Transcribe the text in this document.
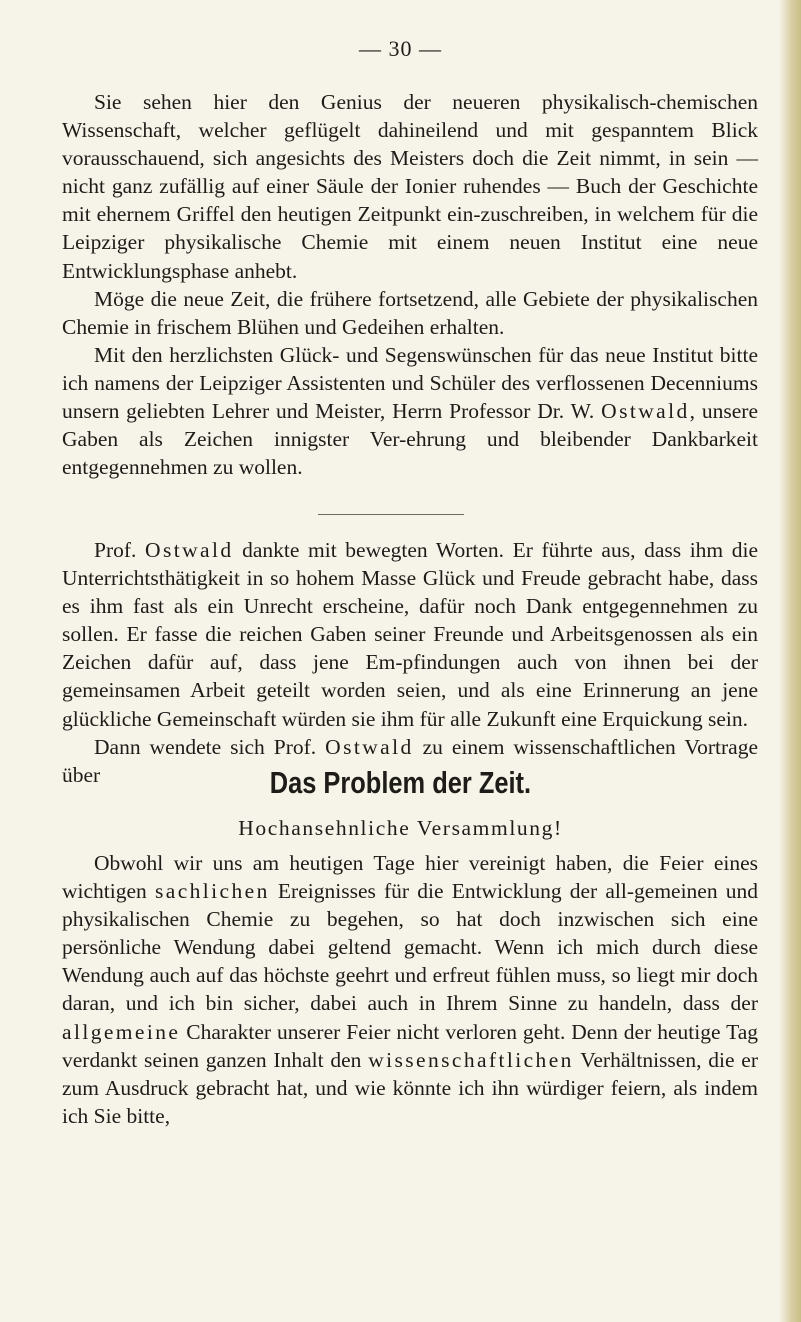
— 30 —

Sie sehen hier den Genius der neueren physikalisch-chemischen Wissenschaft, welcher geflügelt dahineilend und mit gespanntem Blick vorausschauend, sich angesichts des Meisters doch die Zeit nimmt, in sein — nicht ganz zufällig auf einer Säule der Ionier ruhendes — Buch der Geschichte mit ehernem Griffel den heutigen Zeitpunkt ein-zuschreiben, in welchem für die Leipziger physikalische Chemie mit einem neuen Institut eine neue Entwicklungsphase anhebt.

Möge die neue Zeit, die frühere fortsetzend, alle Gebiete der physikalischen Chemie in frischem Blühen und Gedeihen erhalten.

Mit den herzlichsten Glück- und Segenswünschen für das neue Institut bitte ich namens der Leipziger Assistenten und Schüler des verflossenen Decenniums unsern geliebten Lehrer und Meister, Herrn Professor Dr. W. Ostwald, unsere Gaben als Zeichen innigster Ver-ehrung und bleibender Dankbarkeit entgegennehmen zu wollen.

Prof. Ostwald dankte mit bewegten Worten. Er führte aus, dass ihm die Unterrichtsthätigkeit in so hohem Masse Glück und Freude gebracht habe, dass es ihm fast als ein Unrecht erscheine, dafür noch Dank entgegennehmen zu sollen. Er fasse die reichen Gaben seiner Freunde und Arbeitsgenossen als ein Zeichen dafür auf, dass jene Em-pfindungen auch von ihnen bei der gemeinsamen Arbeit geteilt worden seien, und als eine Erinnerung an jene glückliche Gemeinschaft würden sie ihm für alle Zukunft eine Erquickung sein.

Dann wendete sich Prof. Ostwald zu einem wissenschaftlichen Vortrage über	Das Problem der Zeit.
Hochansehnliche Versammlung!

Obwohl wir uns am heutigen Tage hier vereinigt haben, die Feier eines wichtigen sachlichen Ereignisses für die Entwicklung der all-gemeinen und physikalischen Chemie zu begehen, so hat doch inzwischen sich eine persönliche Wendung dabei geltend gemacht. Wenn ich mich durch diese Wendung auch auf das höchste geehrt und erfreut fühlen muss, so liegt mir doch daran, und ich bin sicher, dabei auch in Ihrem Sinne zu handeln, dass der allgemeine Charakter unserer Feier nicht verloren geht. Denn der heutige Tag verdankt seinen ganzen Inhalt den wissenschaftlichen Verhältnissen, die er zum Ausdruck gebracht hat, und wie könnte ich ihn würdiger feiern, als indem ich Sie bitte,
